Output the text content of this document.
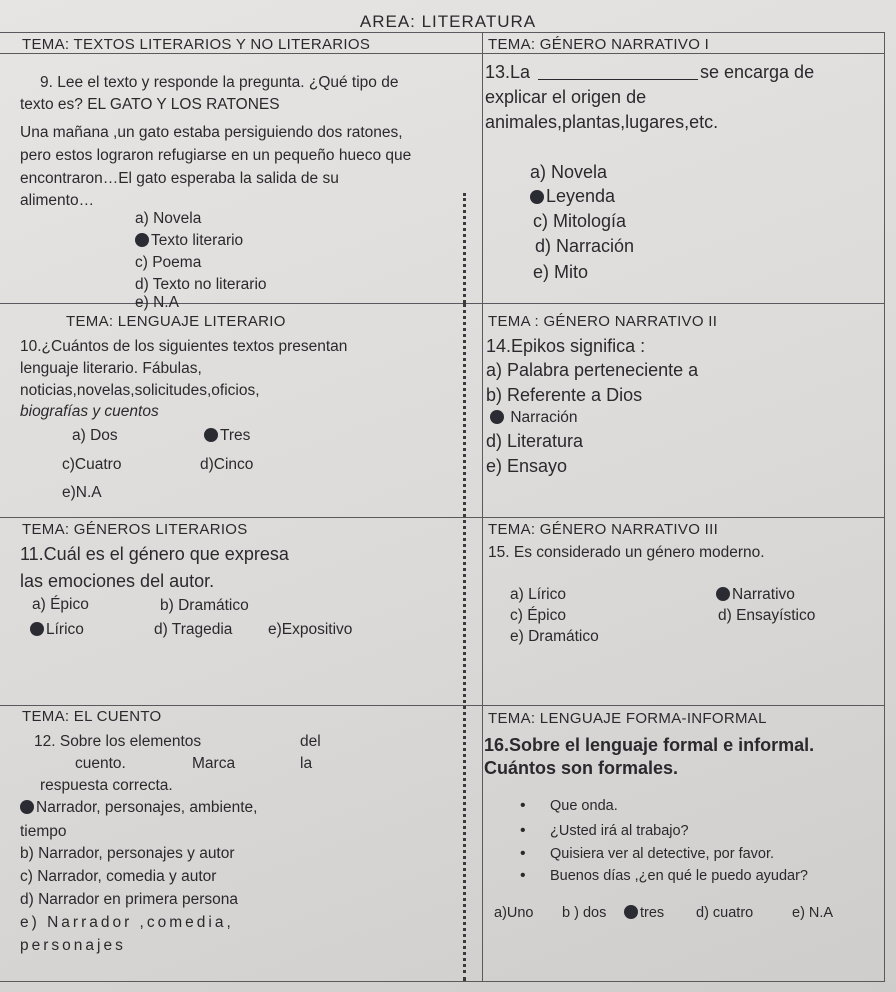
AREA: LITERATURA
TEMA: TEXTOS LITERARIOS Y NO LITERARIOS
9. Lee el texto y responde la pregunta. ¿Qué tipo de
texto es? EL GATO Y LOS RATONES
Una mañana ,un gato estaba persiguiendo dos ratones,
pero estos lograron refugiarse en un pequeño hueco que
encontraron…El gato esperaba la salida de su
alimento…
a) Novela
Texto literario
c) Poema
d) Texto no literario
e) N.A
TEMA: LENGUAJE LITERARIO
10.¿Cuántos de los siguientes textos presentan
lenguaje literario. Fábulas,
noticias,novelas,solicitudes,oficios,
biografías y cuentos
a) Dos	Tres
c)Cuatro	d)Cinco
e)N.A
TEMA: GÉNEROS LITERARIOS
11.Cuál es el género que expresa
las emociones del autor.
a) Épico	b) Dramático
Lírico	d) Tragedia e)Expositivo
TEMA: EL CUENTO
12. Sobre los elementos	del
cuento.	Marca	la
respuesta correcta.
Narrador, personajes, ambiente,
tiempo
b) Narrador, personajes y autor
c) Narrador, comedia y autor
d) Narrador en primera persona
e) Narrador ,comedia,
personajes
TEMA: GÉNERO NARRATIVO I
13.La	se encarga de
explicar el origen de
animales,plantas,lugares,etc.
a) Novela
Leyenda
c) Mitología
d) Narración
e) Mito
TEMA : GÉNERO NARRATIVO II
14.Epikos significa :
a) Palabra perteneciente a
b) Referente a Dios
Narración
d) Literatura
e) Ensayo
TEMA: GÉNERO NARRATIVO III
15. Es considerado un género moderno.
a) Lírico	Narrativo
c) Épico	d) Ensayístico
e) Dramático
TEMA: LENGUAJE FORMA-INFORMAL
16.Sobre el lenguaje formal e informal.
Cuántos son formales.
• Que onda.
• ¿Usted irá al trabajo?
• Quisiera ver al detective, por favor.
• Buenos días ,¿en qué le puedo ayudar?
a)Uno b ) dos	tres d) cuatro	e) N.A
